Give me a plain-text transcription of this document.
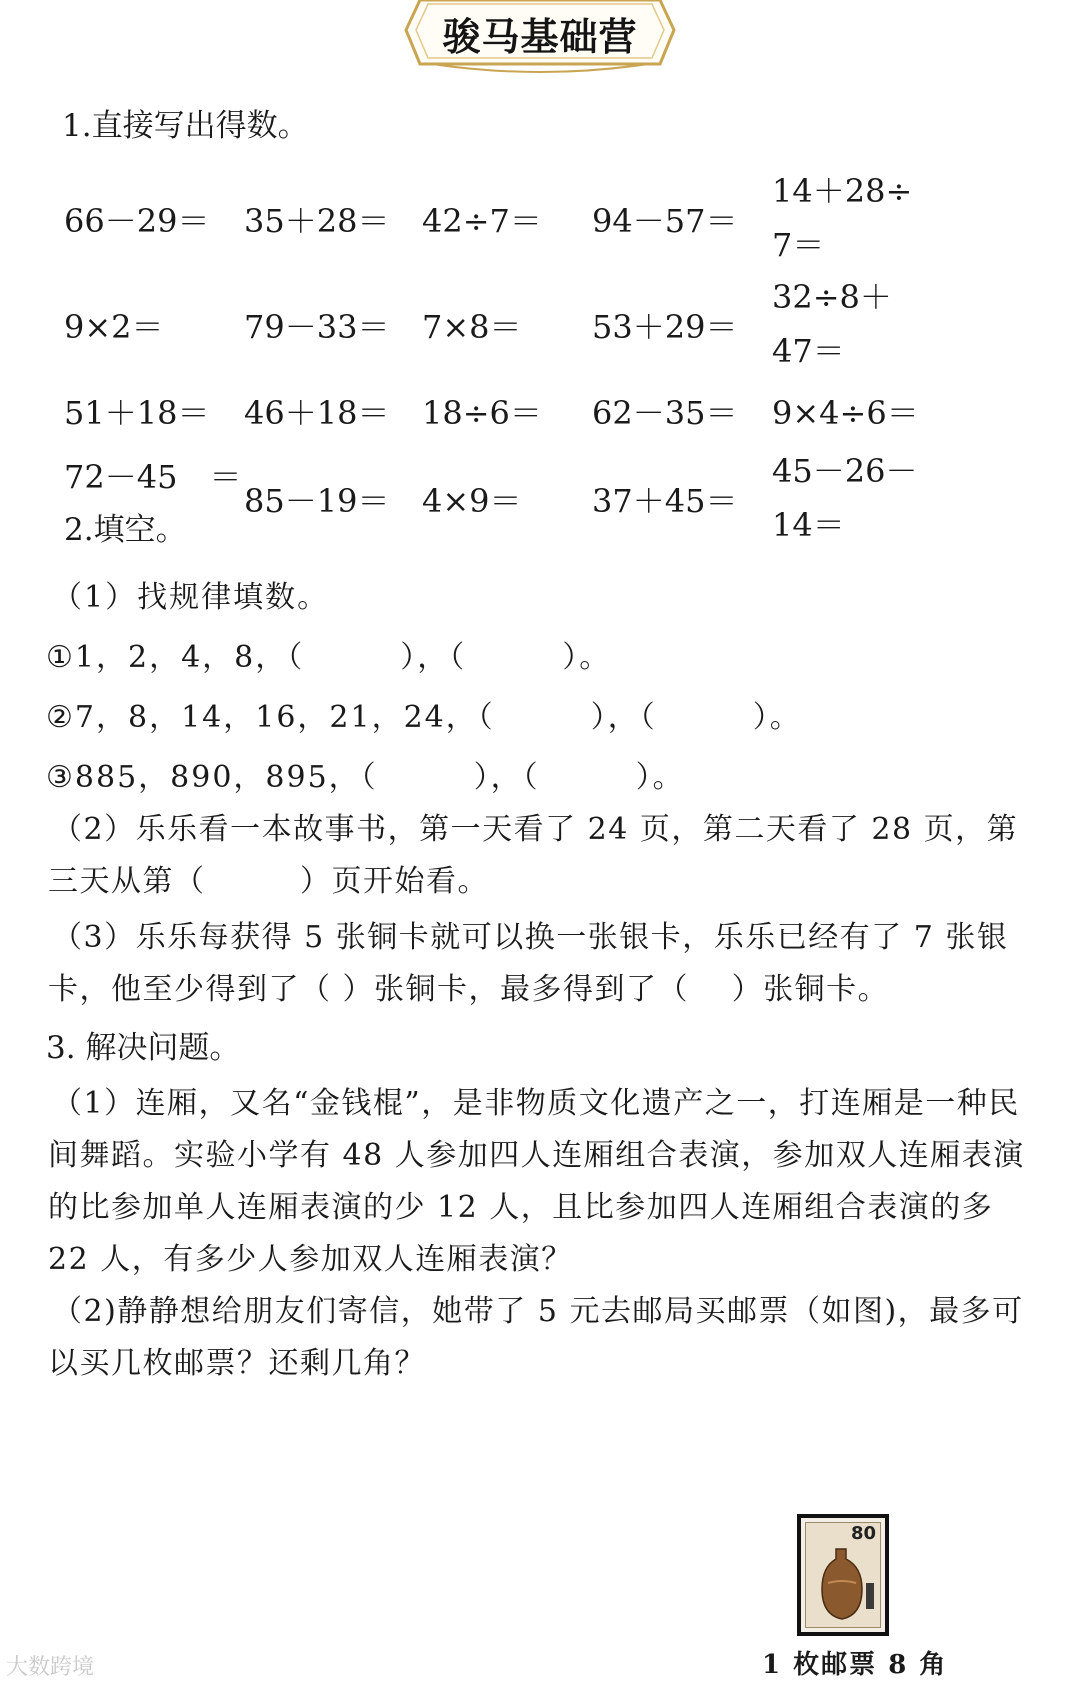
骏马基础营
1.直接写出得数。
66－29＝ 35＋28＝ 42÷7＝ 94－57＝
14＋28÷
7＝
9×2＝	79－33＝ 7×8＝ 53＋29＝
32÷8＋
47＝
51＋18＝ 46＋18＝ 18÷6＝ 62－35＝ 9×4÷6＝
72－45　＝
85－19＝ 4×9＝ 37＋45＝
45－26－
14＝
2.填空。
（1）找规律填数。
①1，2，4，8，（　　　），（　　　）。
②7，8，14，16，21，24，（　　　），（　　　）。
③885，890，895，（　　　），（　　　）。
（2）乐乐看一本故事书，第一天看了 24 页，第二天看了 28 页，第三天从第（　　　）页开始看。
（3）乐乐每获得 5 张铜卡就可以换一张银卡，乐乐已经有了 7 张银卡，他至少得到了（ ）张铜卡，最多得到了（　 ）张铜卡。
3. 解决问题。
（1）连厢，又名“金钱棍”，是非物质文化遗产之一，打连厢是一种民间舞蹈。实验小学有 48 人参加四人连厢组合表演，参加双人连厢表演的比参加单人连厢表演的少 12 人，且比参加四人连厢组合表演的多 22 人，有多少人参加双人连厢表演？
（2)静静想给朋友们寄信，她带了 5 元去邮局买邮票（如图)，最多可以买几枚邮票？还剩几角？
80
1 枚邮票 8 角
大数跨境
